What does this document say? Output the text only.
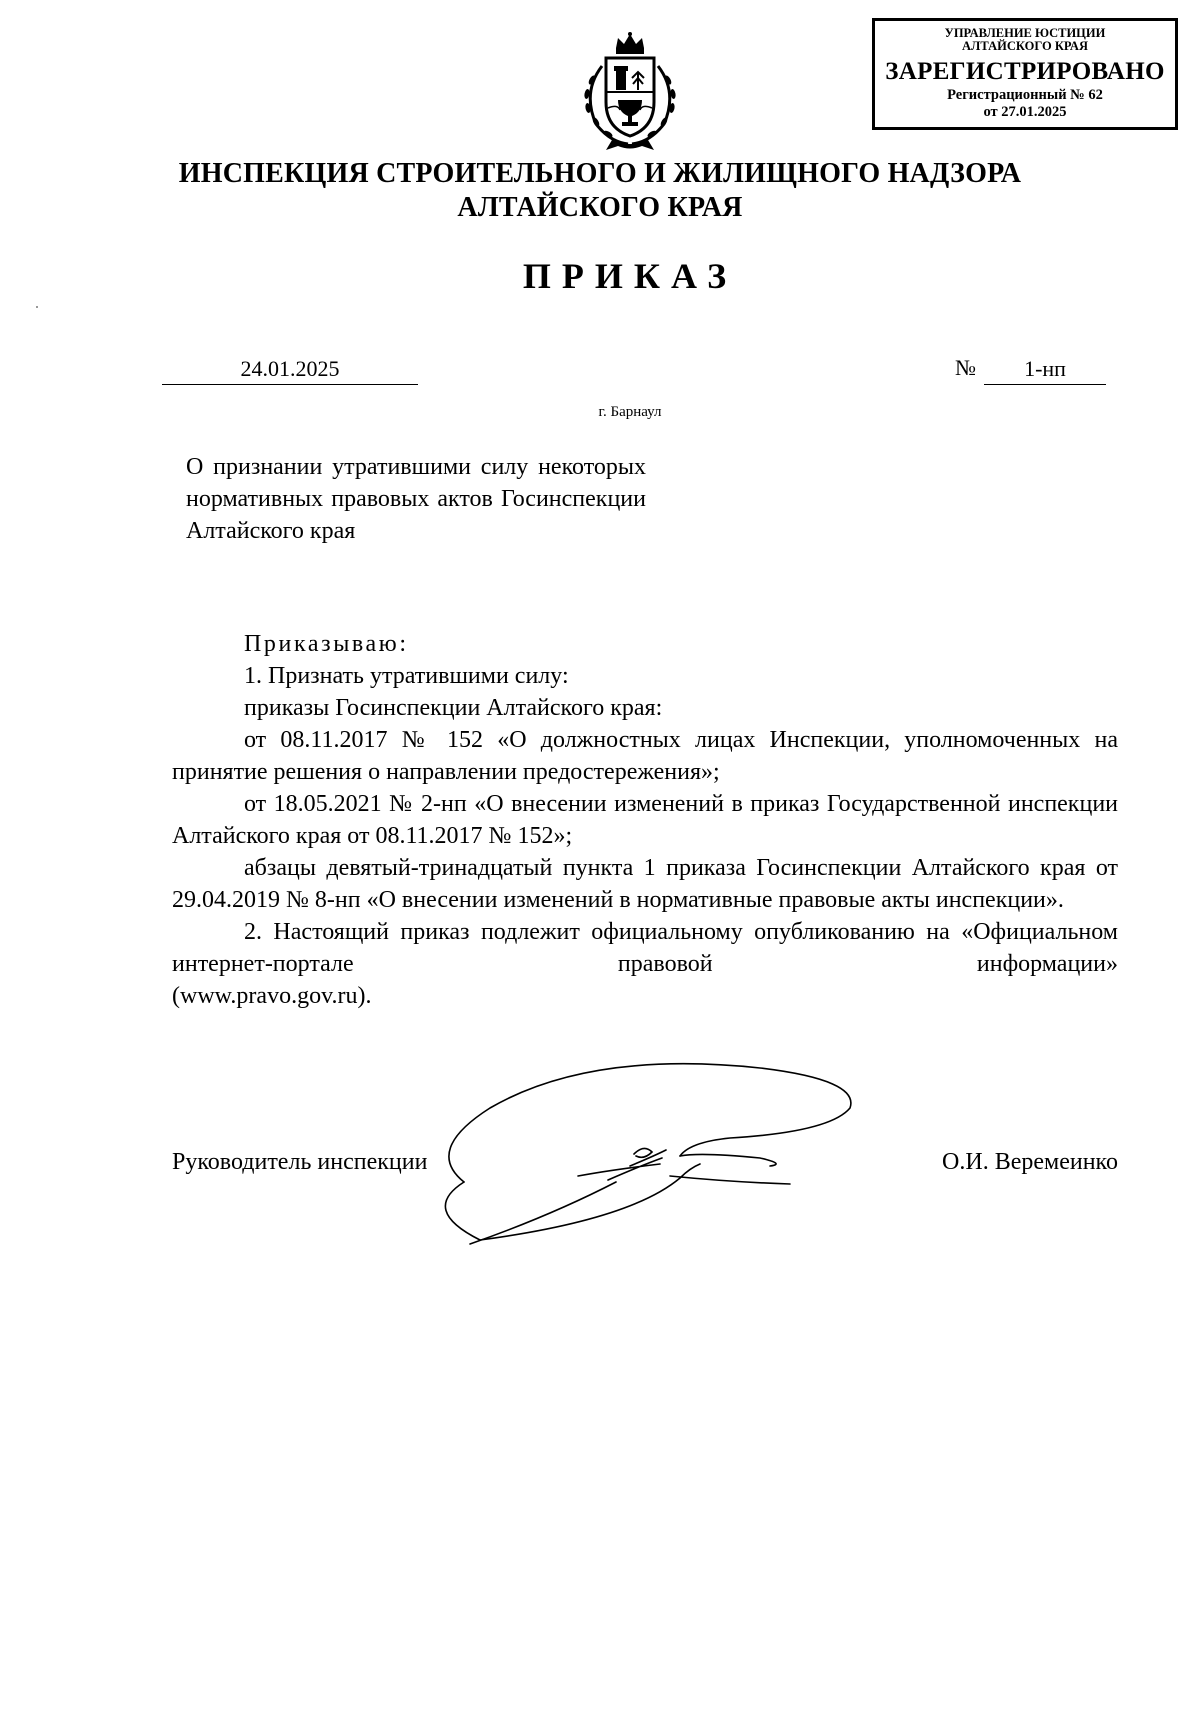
УПРАВЛЕНИЕ ЮСТИЦИИ
АЛТАЙСКОГО КРАЯ
ЗАРЕГИСТРИРОВАНО
Регистрационный № 62
от 27.01.2025
ИНСПЕКЦИЯ СТРОИТЕЛЬНОГО И ЖИЛИЩНОГО НАДЗОРА
АЛТАЙСКОГО КРАЯ
ПРИКАЗ
24.01.2025	№	1-нп
г. Барнаул
О признании утратившими силу некоторых нормативных правовых актов Госинспекции Алтайского края

Приказываю:

1. Признать утратившими силу:

приказы Госинспекции Алтайского края:

от 08.11.2017 № 152 «О должностных лицах Инспекции, уполномоченных на принятие решения о направлении предостережения»;

от 18.05.2021 № 2-нп «О внесении изменений в приказ Государственной инспекции Алтайского края от 08.11.2017 № 152»;

абзацы девятый-тринадцатый пункта 1 приказа Госинспекции Алтайского края от 29.04.2019 № 8-нп «О внесении изменений в нормативные правовые акты инспекции».

2. Настоящий приказ подлежит официальному опубликованию на «Официальном интернет-портале правовой информации»

(www.pravo.gov.ru).

Руководитель инспекции	О.И. Веремеинко
